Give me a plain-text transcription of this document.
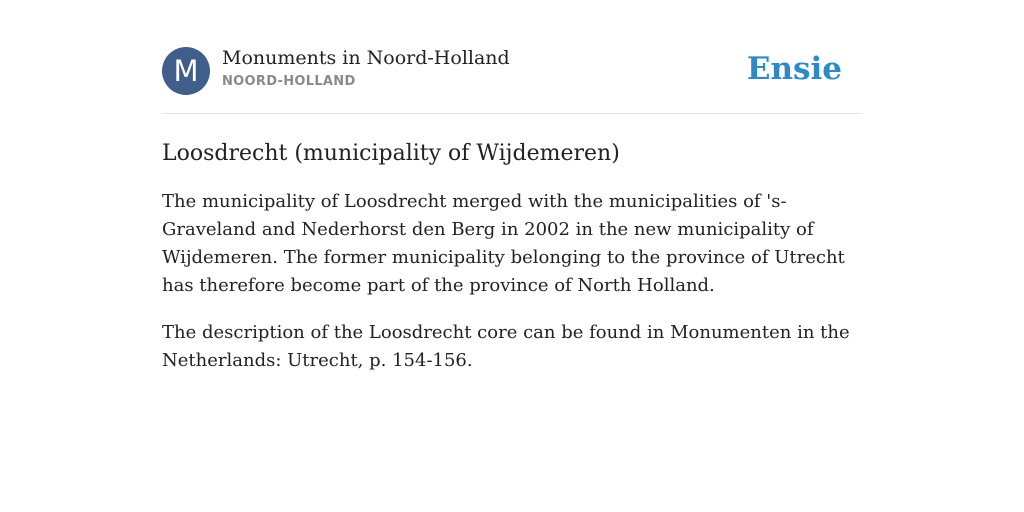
M	Monuments in Noord-Holland
NOORD-HOLLAND	Ensie
Loosdrecht (municipality of Wijdemeren)

The municipality of Loosdrecht merged with the municipalities of 's-Graveland and Nederhorst den Berg in 2002 in the new municipality of Wijdemeren. The former municipality belonging to the province of Utrecht has therefore become part of the province of North Holland.

The description of the Loosdrecht core can be found in Monumenten in the Netherlands: Utrecht, p. 154-156.
